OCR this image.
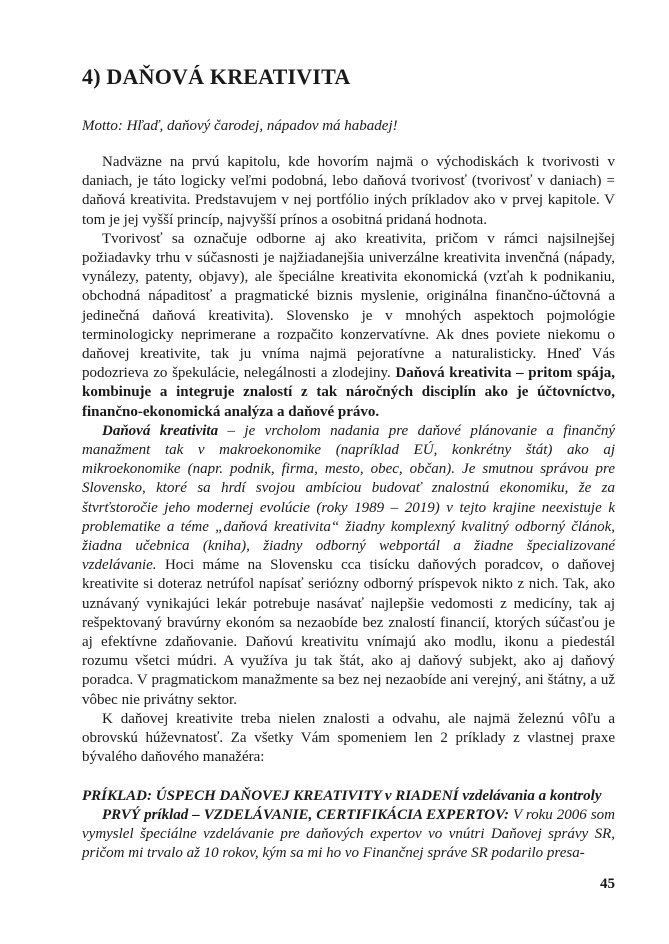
4) DAŇOVÁ KREATIVITA
Motto: Hľaď, daňový čarodej, nápadov má habadej!

Nadväzne na prvú kapitolu, kde hovorím najmä o východiskách k tvorivosti v daniach, je táto logicky veľmi podobná, lebo daňová tvorivosť (tvorivosť v daniach) = daňová kreativita. Predstavujem v nej portfólio iných príkladov ako v prvej kapitole. V tom je jej vyšší princíp, najvyšší prínos a osobitná pridaná hodnota.

Tvorivosť sa označuje odborne aj ako kreativita, pričom v rámci najsilnejšej požiadavky trhu v súčasnosti je najžiadanejšia univerzálne kreativita invenčná (nápady, vynálezy, patenty, objavy), ale špeciálne kreativita ekonomická (vzťah k podnikaniu, obchodná nápaditosť a pragmatické biznis myslenie, originálna finančno-účtovná a jedinečná daňová kreativita). Slovensko je v mnohých aspektoch pojmológie terminologicky neprimerane a rozpačito konzervatívne. Ak dnes poviete niekomu o daňovej kreativite, tak ju vníma najmä pejoratívne a naturalisticky. Hneď Vás podozrieva zo špekulácie, nelegálnosti a zlodejiny. Daňová kreativita – pritom spája, kombinuje a integruje znalostí z tak náročných disciplín ako je účtovníctvo, finančno-ekonomická analýza a daňové právo.

Daňová kreativita – je vrcholom nadania pre daňové plánovanie a finančný manažment tak v makroekonomike (napríklad EÚ, konkrétny štát) ako aj mikroekonomike (napr. podnik, firma, mesto, obec, občan). Je smutnou správou pre Slovensko, ktoré sa hrdí svojou ambíciou budovať znalostnú ekonomiku, že za štvrťstoročie jeho modernej evolúcie (roky 1989 – 2019) v tejto krajine neexistuje k problematike a téme „daňová kreativita“ žiadny komplexný kvalitný odborný článok, žiadna učebnica (kniha), žiadny odborný webportál a žiadne špecializované vzdelávanie. Hoci máme na Slovensku cca tisícku daňových poradcov, o daňovej kreativite si doteraz netrúfol napísať seriózny odborný príspevok nikto z nich. Tak, ako uznávaný vynikajúci lekár potrebuje nasávať najlepšie vedomosti z medicíny, tak aj rešpektovaný bravúrny ekonóm sa nezaobíde bez znalostí financií, ktorých súčasťou je aj efektívne zdaňovanie. Daňovú kreativitu vnímajú ako modlu, ikonu a piedestál rozumu všetci múdri. A využíva ju tak štát, ako aj daňový subjekt, ako aj daňový poradca. V pragmatickom manažmente sa bez nej nezaobíde ani verejný, ani štátny, a už vôbec nie privátny sektor.

K daňovej kreativite treba nielen znalosti a odvahu, ale najmä železnú vôľu a obrovskú húževnatosť. Za všetky Vám spomeniem len 2 príklady z vlastnej praxe bývalého daňového manažéra:

PRÍKLAD: ÚSPECH DAŇOVEJ KREATIVITY v RIADENÍ vzdelávania a kontroly

PRVÝ príklad – VZDELÁVANIE, CERTIFIKÁCIA EXPERTOV: V roku 2006 som vymyslel špeciálne vzdelávanie pre daňových expertov vo vnútri Daňovej správy SR, pričom mi trvalo až 10 rokov, kým sa mi ho vo Finančnej správe SR podarilo presa-

45
